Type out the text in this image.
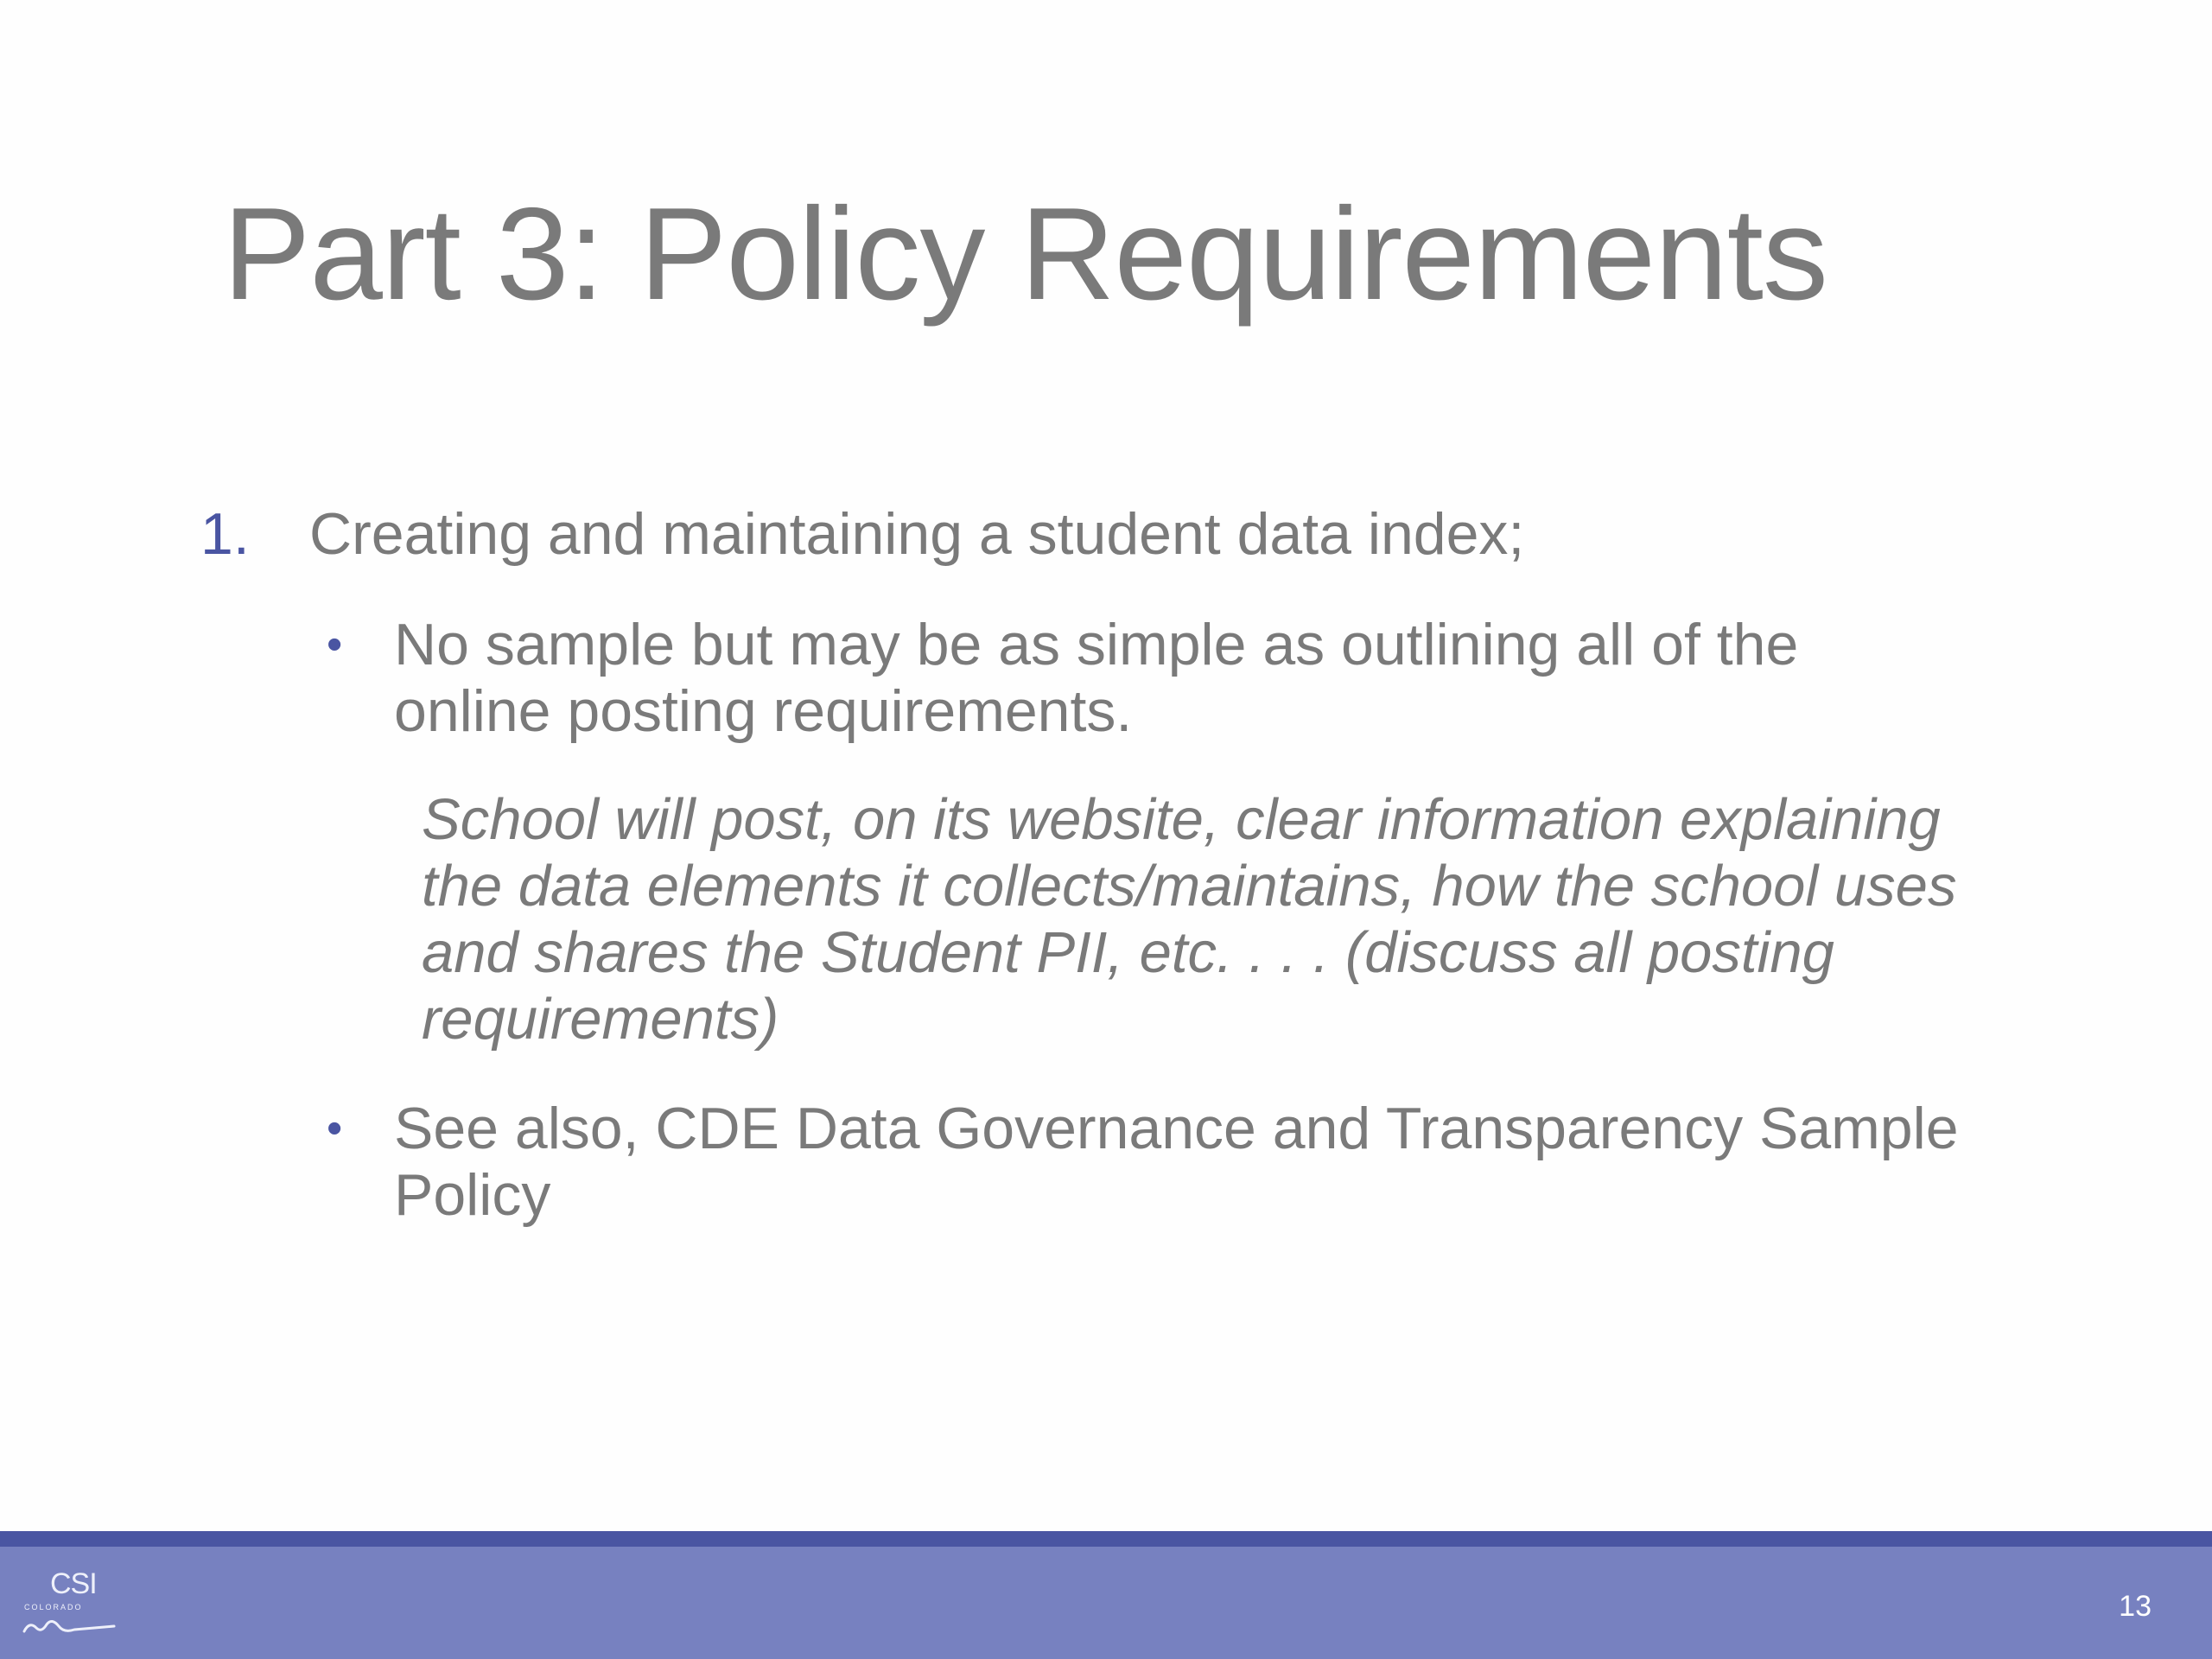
Part 3: Policy Requirements
1. Creating and maintaining a student data index;
• No sample but may be as simple as outlining all of the online posting requirements.
School will post, on its website, clear information explaining the data elements it collects/maintains, how the school uses and shares the Student PII, etc. . . . (discuss all posting requirements)
• See also, CDE Data Governance and Transparency Sample Policy
CSI
COLORADO	13
